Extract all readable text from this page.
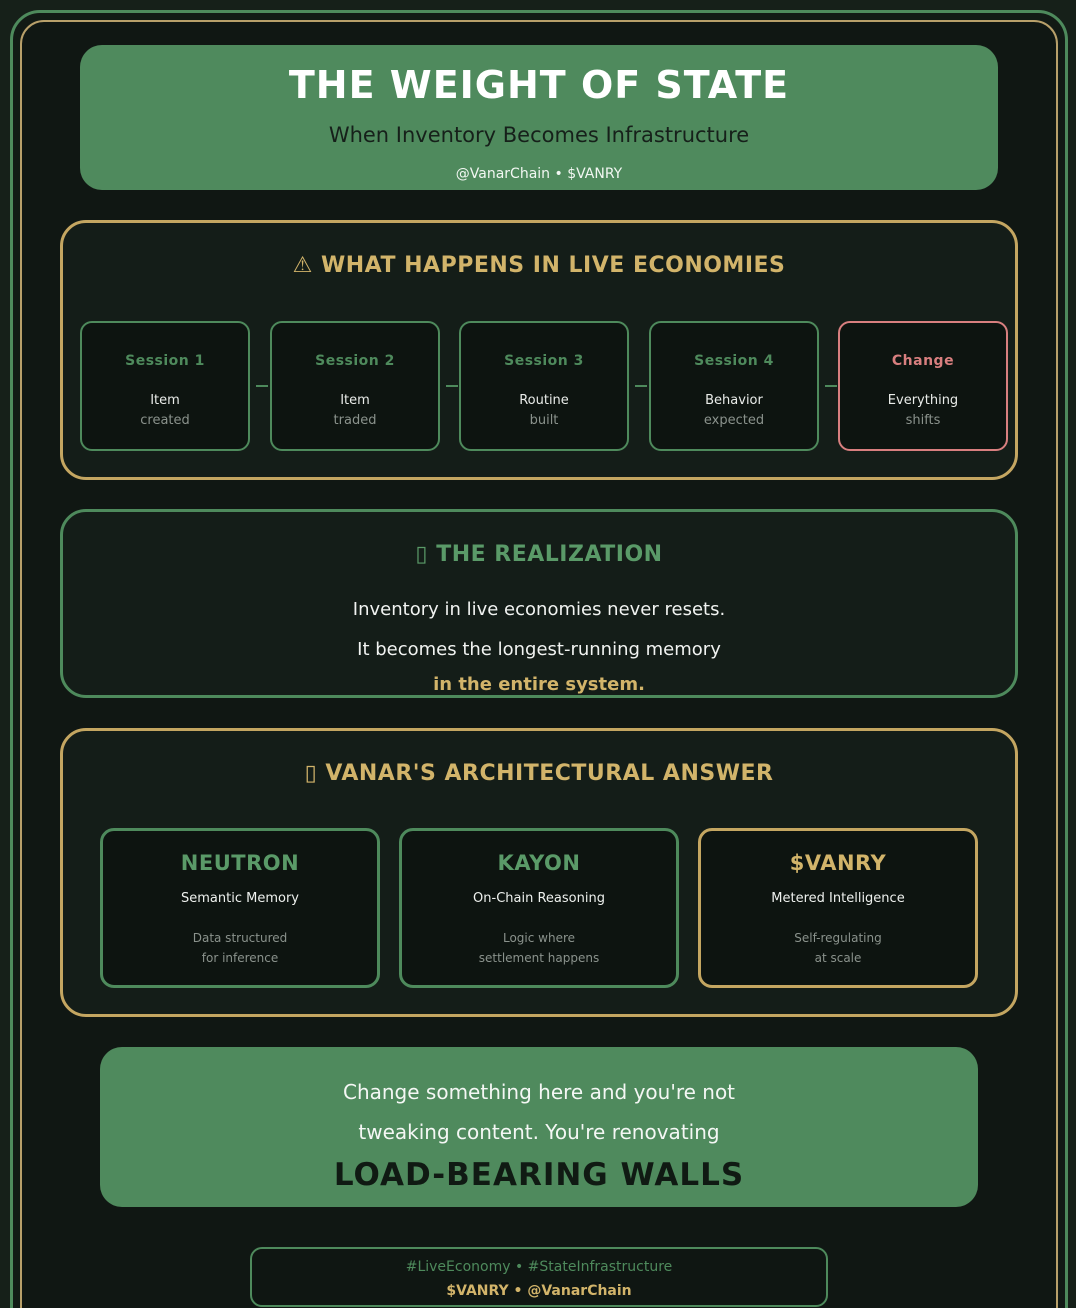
THE WEIGHT OF STATE
When Inventory Becomes Infrastructure
@VanarChain • $VANRY
⚠ WHAT HAPPENS IN LIVE ECONOMIES
Session 1
Item
created
Session 2
Item
traded
Session 3
Routine
built
Session 4
Behavior
expected
Change
Everything
shifts
▯ THE REALIZATION
Inventory in live economies never resets.
It becomes the longest-running memory
in the entire system.
▯ VANAR'S ARCHITECTURAL ANSWER
NEUTRON
Semantic Memory
Data structured
for inference
KAYON
On-Chain Reasoning
Logic where
settlement happens
$VANRY
Metered Intelligence
Self-regulating
at scale
Change something here and you're not
tweaking content. You're renovating
LOAD-BEARING WALLS
#LiveEconomy • #StateInfrastructure
$VANRY • @VanarChain
